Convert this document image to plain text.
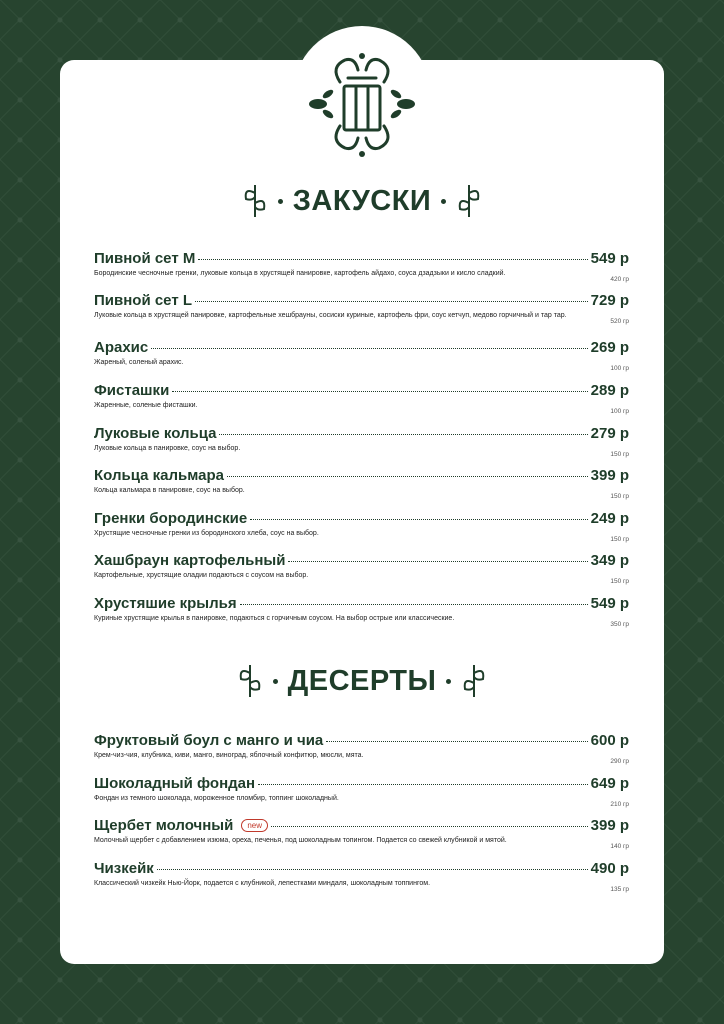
ЗАКУСКИ
Пивной сет M	549 р
Бородинские чесночные гренки, луковые кольца в хрустящей панировке, картофель айдахо, соуса дзадзыки и кисло сладкий.
420 гр
Пивной сет L	729 р
Луковые кольца в хрустящей панировке, картофельные хешбрауны, сосиски куриные, картофель фри, соус кетчуп, медово горчичный и тар тар.
520 гр
Арахис	269 р
Жареный, соленый арахис.
100 гр
Фисташки	289 р
Жаренные, соленые фисташки.
100 гр
Луковые кольца	279 р
Луковые кольца в панировке, соус на выбор.
150 гр
Кольца кальмара	399 р
Кольца кальмара в панировке, соус на выбор.
150 гр
Гренки бородинские	249 р
Хрустящие чесночные гренки из бородинского хлеба, соус на выбор.
150 гр
Хашбраун картофельный	349 р
Картофельные, хрустящие оладии подаються с соусом на выбор.
150 гр
Хрустяшие крылья	549 р
Куриные хрустящие крылья в панировке, подаються с горчичным соусом. На выбор острые или классические.
350 гр
ДЕСЕРТЫ
Фруктовый боул с манго и чиа	600 р
Крем-чиз-чия, клубника, киви, манго, виноград, яблочный конфитюр, мюсли, мята.
290 гр
Шоколадный фондан	649 р
Фондан из темного шоколада, мороженное пломбир, топпинг шоколадный.
210 гр
Щербет молочный	new	399 р
Молочный щербет с добавлением изюма, ореха, печенья, под шоколадным топингом. Подается со свежей клубникой и мятой.
140 гр
Чизкейк	490 р
Классический чизкейк Нью-Йорк, подается с клубникой, лепестками миндаля, шоколадным топпингом.
135 гр
